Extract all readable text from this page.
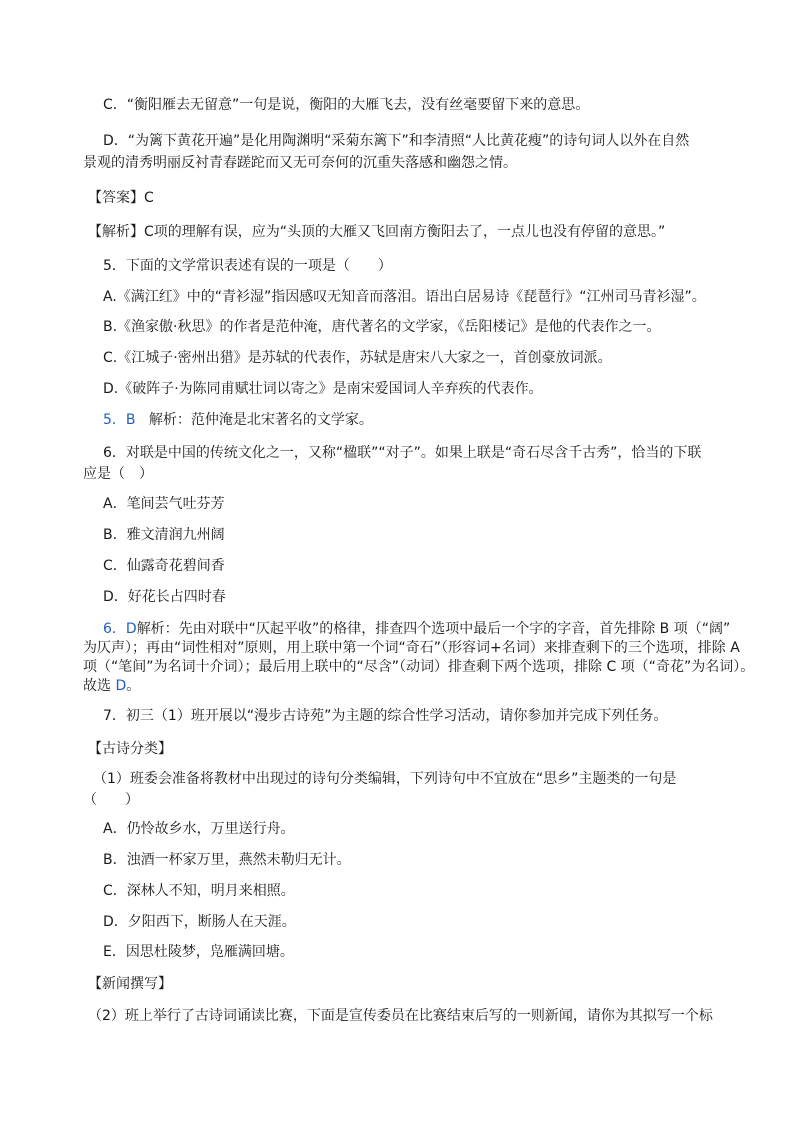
C．“衡阳雁去无留意”一句是说，衡阳的大雁飞去，没有丝毫要留下来的意思。
D．“为篱下黄花开遍”是化用陶渊明“采菊东篱下”和李清照“人比黄花瘦”的诗句词人以外在自然
景观的清秀明丽反衬青春蹉跎而又无可奈何的沉重失落感和幽怨之情。
【答案】C
【解析】C项的理解有误，应为“头顶的大雁又飞回南方衡阳去了，一点儿也没有停留的意思。”
5．下面的文学常识表述有误的一项是（　　）
A.《满江红》中的“青衫湿”指因感叹无知音而落泪。语出白居易诗《琵琶行》“江州司马青衫湿”。
B.《渔家傲·秋思》的作者是范仲淹，唐代著名的文学家，《岳阳楼记》是他的代表作之一。
C.《江城子·密州出猎》是苏轼的代表作，苏轼是唐宋八大家之一，首创豪放词派。
D.《破阵子·为陈同甫赋壮词以寄之》是南宋爱国词人辛弃疾的代表作。
5．B 解析：范仲淹是北宋著名的文学家。
6．对联是中国的传统文化之一，又称“楹联”“对子”。如果上联是“奇石尽含千古秀”，恰当的下联
应是（　）
A．笔间芸气吐芬芳
B．雅文清润九州阔
C．仙露奇花碧间香
D．好花长占四时春
6．D解析：先由对联中“仄起平收”的格律，排查四个选项中最后一个字的字音，首先排除 B 项（“阔”
为仄声）；再由“词性相对”原则，用上联中第一个词“奇石”（形容词+名词）来排查剩下的三个选项，排除 A
项（“笔间”为名词十介词）；最后用上联中的“尽含”（动词）排查剩下两个选项，排除 C 项（“奇花”为名词）。
故选 D。
7．初三（1）班开展以“漫步古诗苑”为主题的综合性学习活动，请你参加并完成下列任务。
【古诗分类】
（1）班委会准备将教材中出现过的诗句分类编辑，下列诗句中不宜放在“思乡”主题类的一句是
（　　）
A．仍怜故乡水，万里送行舟。
B．浊酒一杯家万里，燕然未勒归无计。
C．深林人不知，明月来相照。
D．夕阳西下，断肠人在天涯。
E．因思杜陵梦，凫雁满回塘。
【新闻撰写】
（2）班上举行了古诗词诵读比赛，下面是宣传委员在比赛结束后写的一则新闻，请你为其拟写一个标
